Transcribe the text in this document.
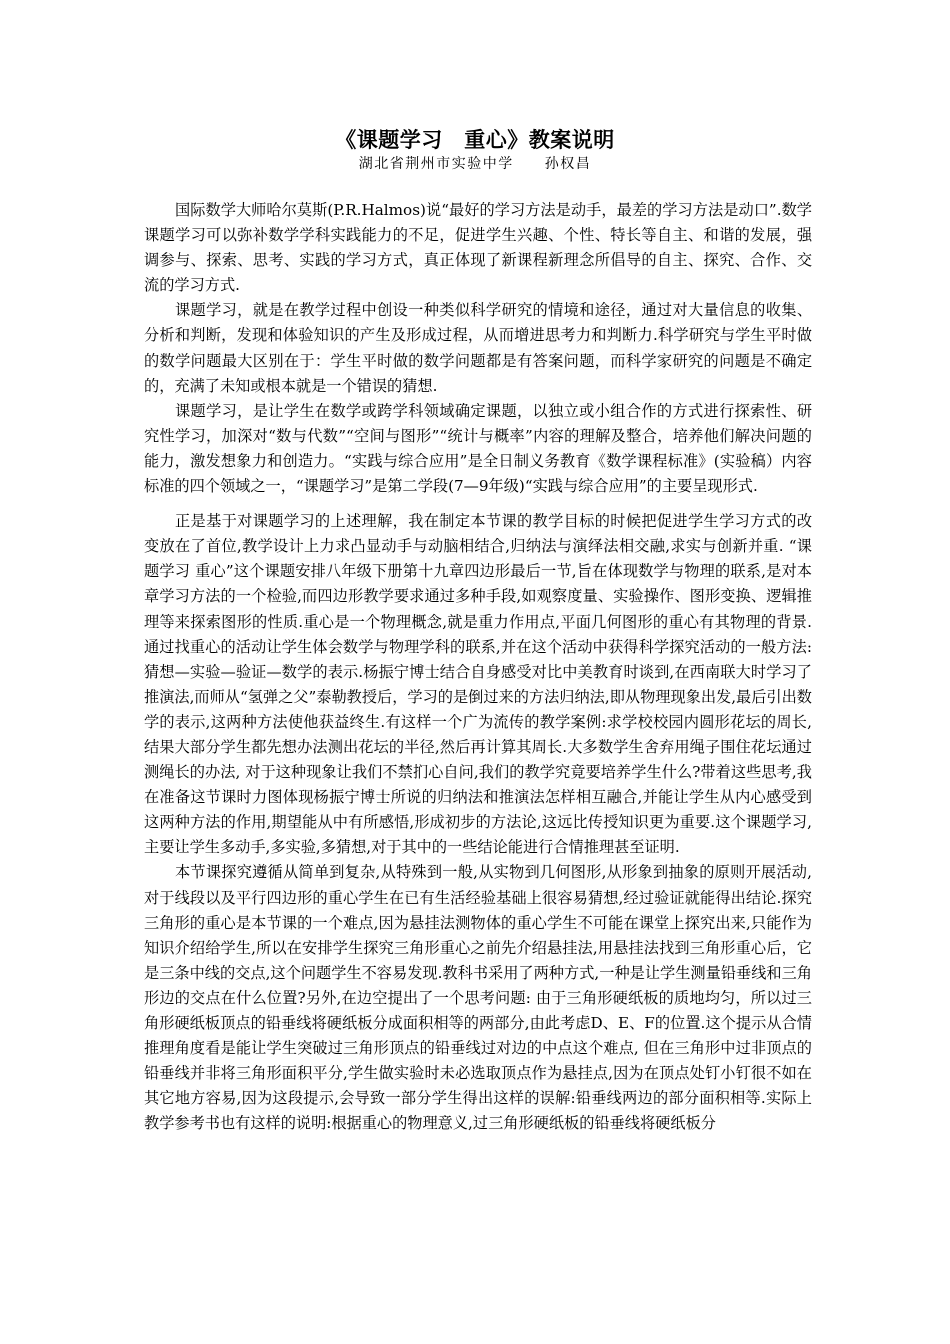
《课题学习　重心》教案说明
湖北省荆州市实验中学　　孙权昌

国际数学大师哈尔莫斯(P.R.Halmos)说“最好的学习方法是动手，最差的学习方法是动口”.数学课题学习可以弥补数学学科实践能力的不足，促进学生兴趣、个性、特长等自主、和谐的发展，强调参与、探索、思考、实践的学习方式，真正体现了新课程新理念所倡导的自主、探究、合作、交流的学习方式.

课题学习，就是在教学过程中创设一种类似科学研究的情境和途径，通过对大量信息的收集、分析和判断，发现和体验知识的产生及形成过程，从而增进思考力和判断力.科学研究与学生平时做的数学问题最大区别在于：学生平时做的数学问题都是有答案问题，而科学家研究的问题是不确定的，充满了未知或根本就是一个错误的猜想.

课题学习，是让学生在数学或跨学科领域确定课题，以独立或小组合作的方式进行探索性、研究性学习，加深对“数与代数”“空间与图形”“统计与概率”内容的理解及整合，培养他们解决问题的能力，激发想象力和创造力。“实践与综合应用”是全日制义务教育《数学课程标准》(实验稿）内容标准的四个领域之一，“课题学习”是第二学段(7—9年级)“实践与综合应用”的主要呈现形式.

正是基于对课题学习的上述理解，我在制定本节课的教学目标的时候把促进学生学习方式的改变放在了首位,教学设计上力求凸显动手与动脑相结合,归纳法与演绎法相交融,求实与创新并重. “课题学习 重心”这个课题安排八年级下册第十九章四边形最后一节,旨在体现数学与物理的联系,是对本章学习方法的一个检验,而四边形教学要求通过多种手段,如观察度量、实验操作、图形变换、逻辑推理等来探索图形的性质.重心是一个物理概念,就是重力作用点,平面几何图形的重心有其物理的背景.通过找重心的活动让学生体会数学与物理学科的联系,并在这个活动中获得科学探究活动的一般方法:猜想—实验—验证—数学的表示.杨振宁博士结合自身感受对比中美教育时谈到,在西南联大时学习了推演法,而师从“氢弹之父”泰勒教授后，学习的是倒过来的方法归纳法,即从物理现象出发,最后引出数学的表示,这两种方法使他获益终生.有这样一个广为流传的教学案例:求学校校园内圆形花坛的周长,结果大部分学生都先想办法测出花坛的半径,然后再计算其周长.大多数学生舍弃用绳子围住花坛通过测绳长的办法, 对于这种现象让我们不禁扪心自问,我们的教学究竟要培养学生什么?带着这些思考,我在准备这节课时力图体现杨振宁博士所说的归纳法和推演法怎样相互融合,并能让学生从内心感受到这两种方法的作用,期望能从中有所感悟,形成初步的方法论,这远比传授知识更为重要.这个课题学习,主要让学生多动手,多实验,多猜想,对于其中的一些结论能进行合情推理甚至证明.

本节课探究遵循从简单到复杂,从特殊到一般,从实物到几何图形,从形象到抽象的原则开展活动,对于线段以及平行四边形的重心学生在已有生活经验基础上很容易猜想,经过验证就能得出结论.探究三角形的重心是本节课的一个难点,因为悬挂法测物体的重心学生不可能在课堂上探究出来,只能作为知识介绍给学生,所以在安排学生探究三角形重心之前先介绍悬挂法,用悬挂法找到三角形重心后，它是三条中线的交点,这个问题学生不容易发现.教科书采用了两种方式,一种是让学生测量铅垂线和三角形边的交点在什么位置?另外,在边空提出了一个思考问题: 由于三角形硬纸板的质地均匀，所以过三角形硬纸板顶点的铅垂线将硬纸板分成面积相等的两部分,由此考虑D、E、F的位置.这个提示从合情推理角度看是能让学生突破过三角形顶点的铅垂线过对边的中点这个难点, 但在三角形中过非顶点的铅垂线并非将三角形面积平分,学生做实验时未必选取顶点作为悬挂点,因为在顶点处钉小钉很不如在其它地方容易,因为这段提示,会导致一部分学生得出这样的误解:铅垂线两边的部分面积相等.实际上教学参考书也有这样的说明:根据重心的物理意义,过三角形硬纸板的铅垂线将硬纸板分
